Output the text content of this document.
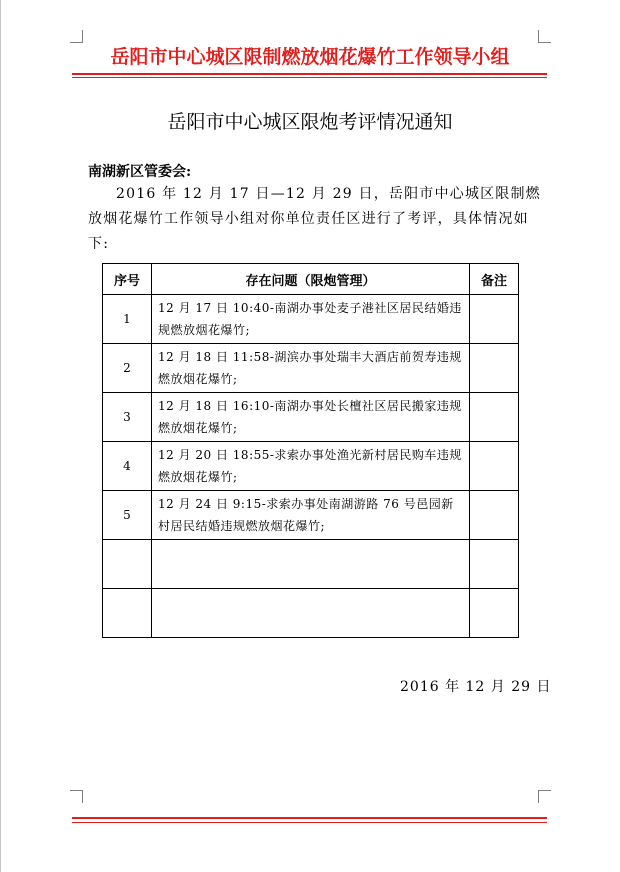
岳阳市中心城区限制燃放烟花爆竹工作领导小组
岳阳市中心城区限炮考评情况通知
南湖新区管委会:
2016 年 12 月 17 日—12 月 29 日，岳阳市中心城区限制燃放烟花爆竹工作领导小组对你单位责任区进行了考评，具体情况如下:
序号	存在问题（限炮管理）	备注
1	12 月 17 日 10:40-南湖办事处麦子港社区居民结婚违规燃放烟花爆竹;	
2	12 月 18 日 11:58-湖滨办事处瑞丰大酒店前贺寿违规燃放烟花爆竹;	
3	12 月 18 日 16:10-南湖办事处长檀社区居民搬家违规燃放烟花爆竹;	
4	12 月 20 日 18:55-求索办事处渔光新村居民购车违规燃放烟花爆竹;	
5	12 月 24 日 9:15-求索办事处南湖游路 76 号邑园新村居民结婚违规燃放烟花爆竹;	

2016 年 12 月 29 日
